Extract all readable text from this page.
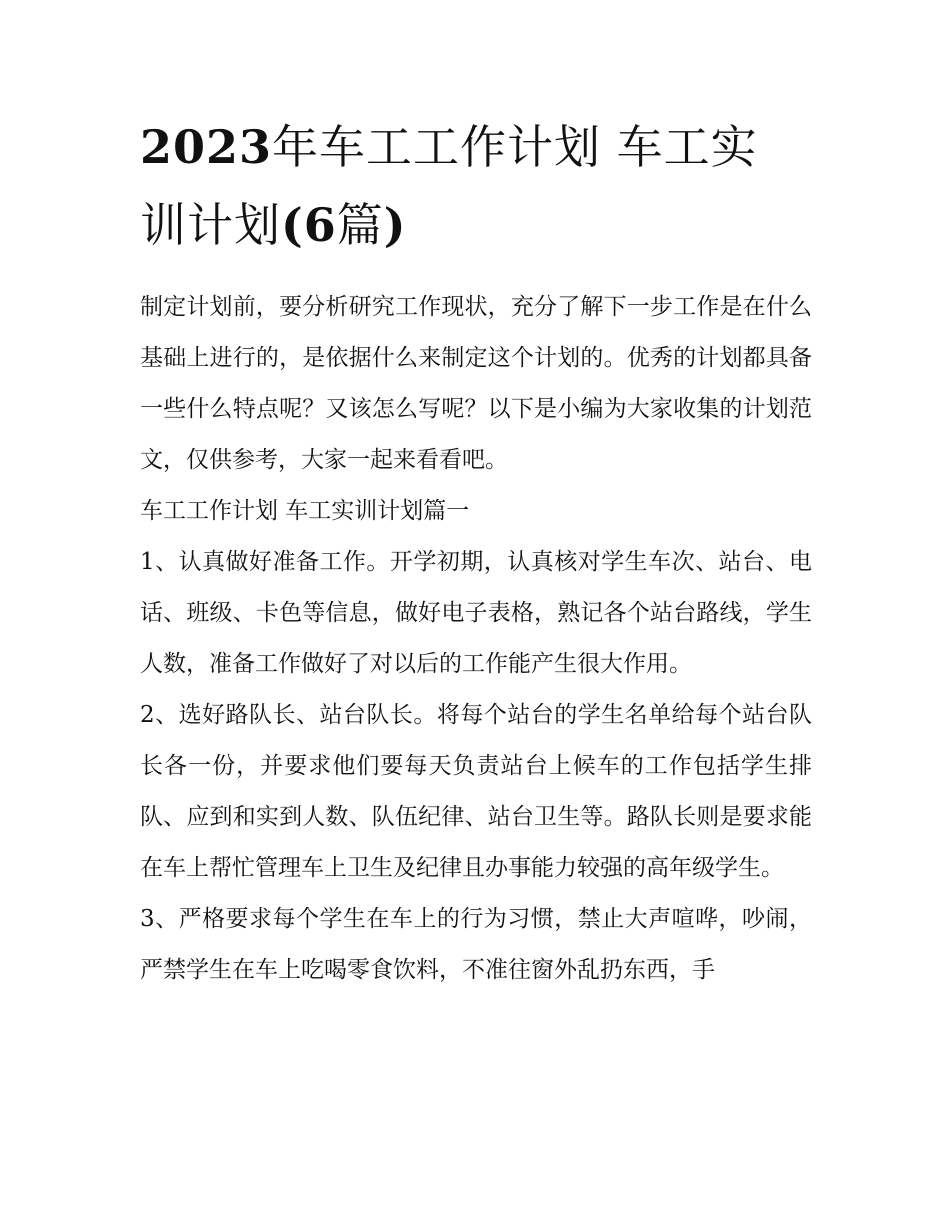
2023年车工工作计划 车工实
训计划(6篇)

制定计划前，要分析研究工作现状，充分了解下一步工作是在什么基础上进行的，是依据什么来制定这个计划的。优秀的计划都具备一些什么特点呢？又该怎么写呢？以下是小编为大家收集的计划范文，仅供参考，大家一起来看看吧。

车工工作计划 车工实训计划篇一

1、认真做好准备工作。开学初期，认真核对学生车次、站台、电话、班级、卡色等信息，做好电子表格，熟记各个站台路线，学生人数，准备工作做好了对以后的工作能产生很大作用。

2、选好路队长、站台队长。将每个站台的学生名单给每个站台队长各一份，并要求他们要每天负责站台上候车的工作包括学生排队、应到和实到人数、队伍纪律、站台卫生等。路队长则是要求能在车上帮忙管理车上卫生及纪律且办事能力较强的高年级学生。

3、严格要求每个学生在车上的行为习惯，禁止大声喧哗，吵闹，严禁学生在车上吃喝零食饮料，不准往窗外乱扔东西，手
